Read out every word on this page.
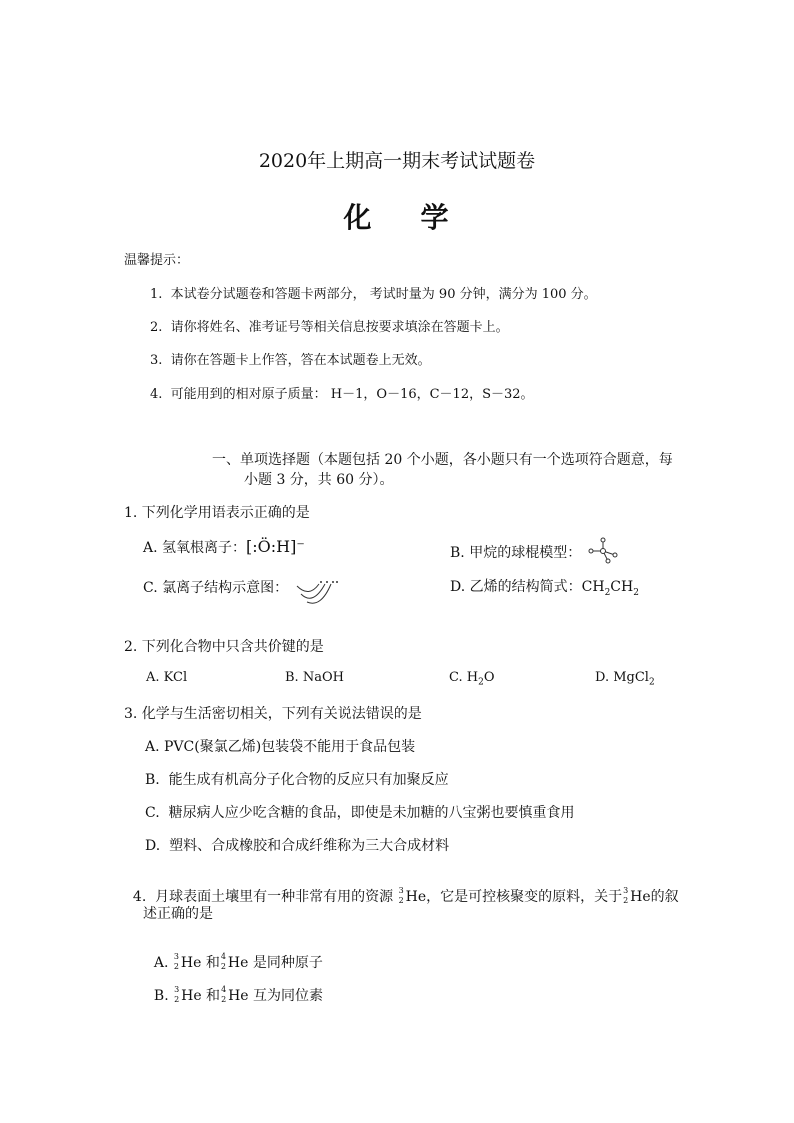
2020年上期高一期末考试试题卷
化    学
温馨提示：
1.  本试卷分试题卷和答题卡两部分， 考试时量为 90 分钟，满分为 100 分。
2.  请你将姓名、准考证号等相关信息按要求填涂在答题卡上。
3.  请你在答题卡上作答，答在本试题卷上无效。
4.  可能用到的相对原子质量： H－1，O－16，C－12，S－32。
一、单项选择题（本题包括 20 个小题，各小题只有一个选项符合题意，每
小题 3 分，共 60 分）。
1. 下列化学用语表示正确的是
A. 氢氧根离子：[:Ö:H]⁻	B. 甲烷的球棍模型：
C. 氯离子结构示意图：	D. 乙烯的结构简式：$CH_2CH_2$
2. 下列化合物中只含共价键的是
A. KCl	B. NaOH	C. $H_2O$	D. MgCl$_2$
3. 化学与生活密切相关，下列有关说法错误的是
A. PVC(聚氯乙烯)包装袋不能用于食品包装
B.  能生成有机高分子化合物的反应只有加聚反应
C.  糖尿病人应少吃含糖的食品，即使是未加糖的八宝粥也要慎重食用
D.  塑料、合成橡胶和合成纤维称为三大合成材料

4.  月球表面土壤里有一种非常有用的资源 3
2 He，它是可控核聚变的原料，关于 3
2 He的叙

述正确的是

A. 3
2 He 和 4
2 He 是同种原子

B. 3
2 He 和 4
2 He 互为同位素
